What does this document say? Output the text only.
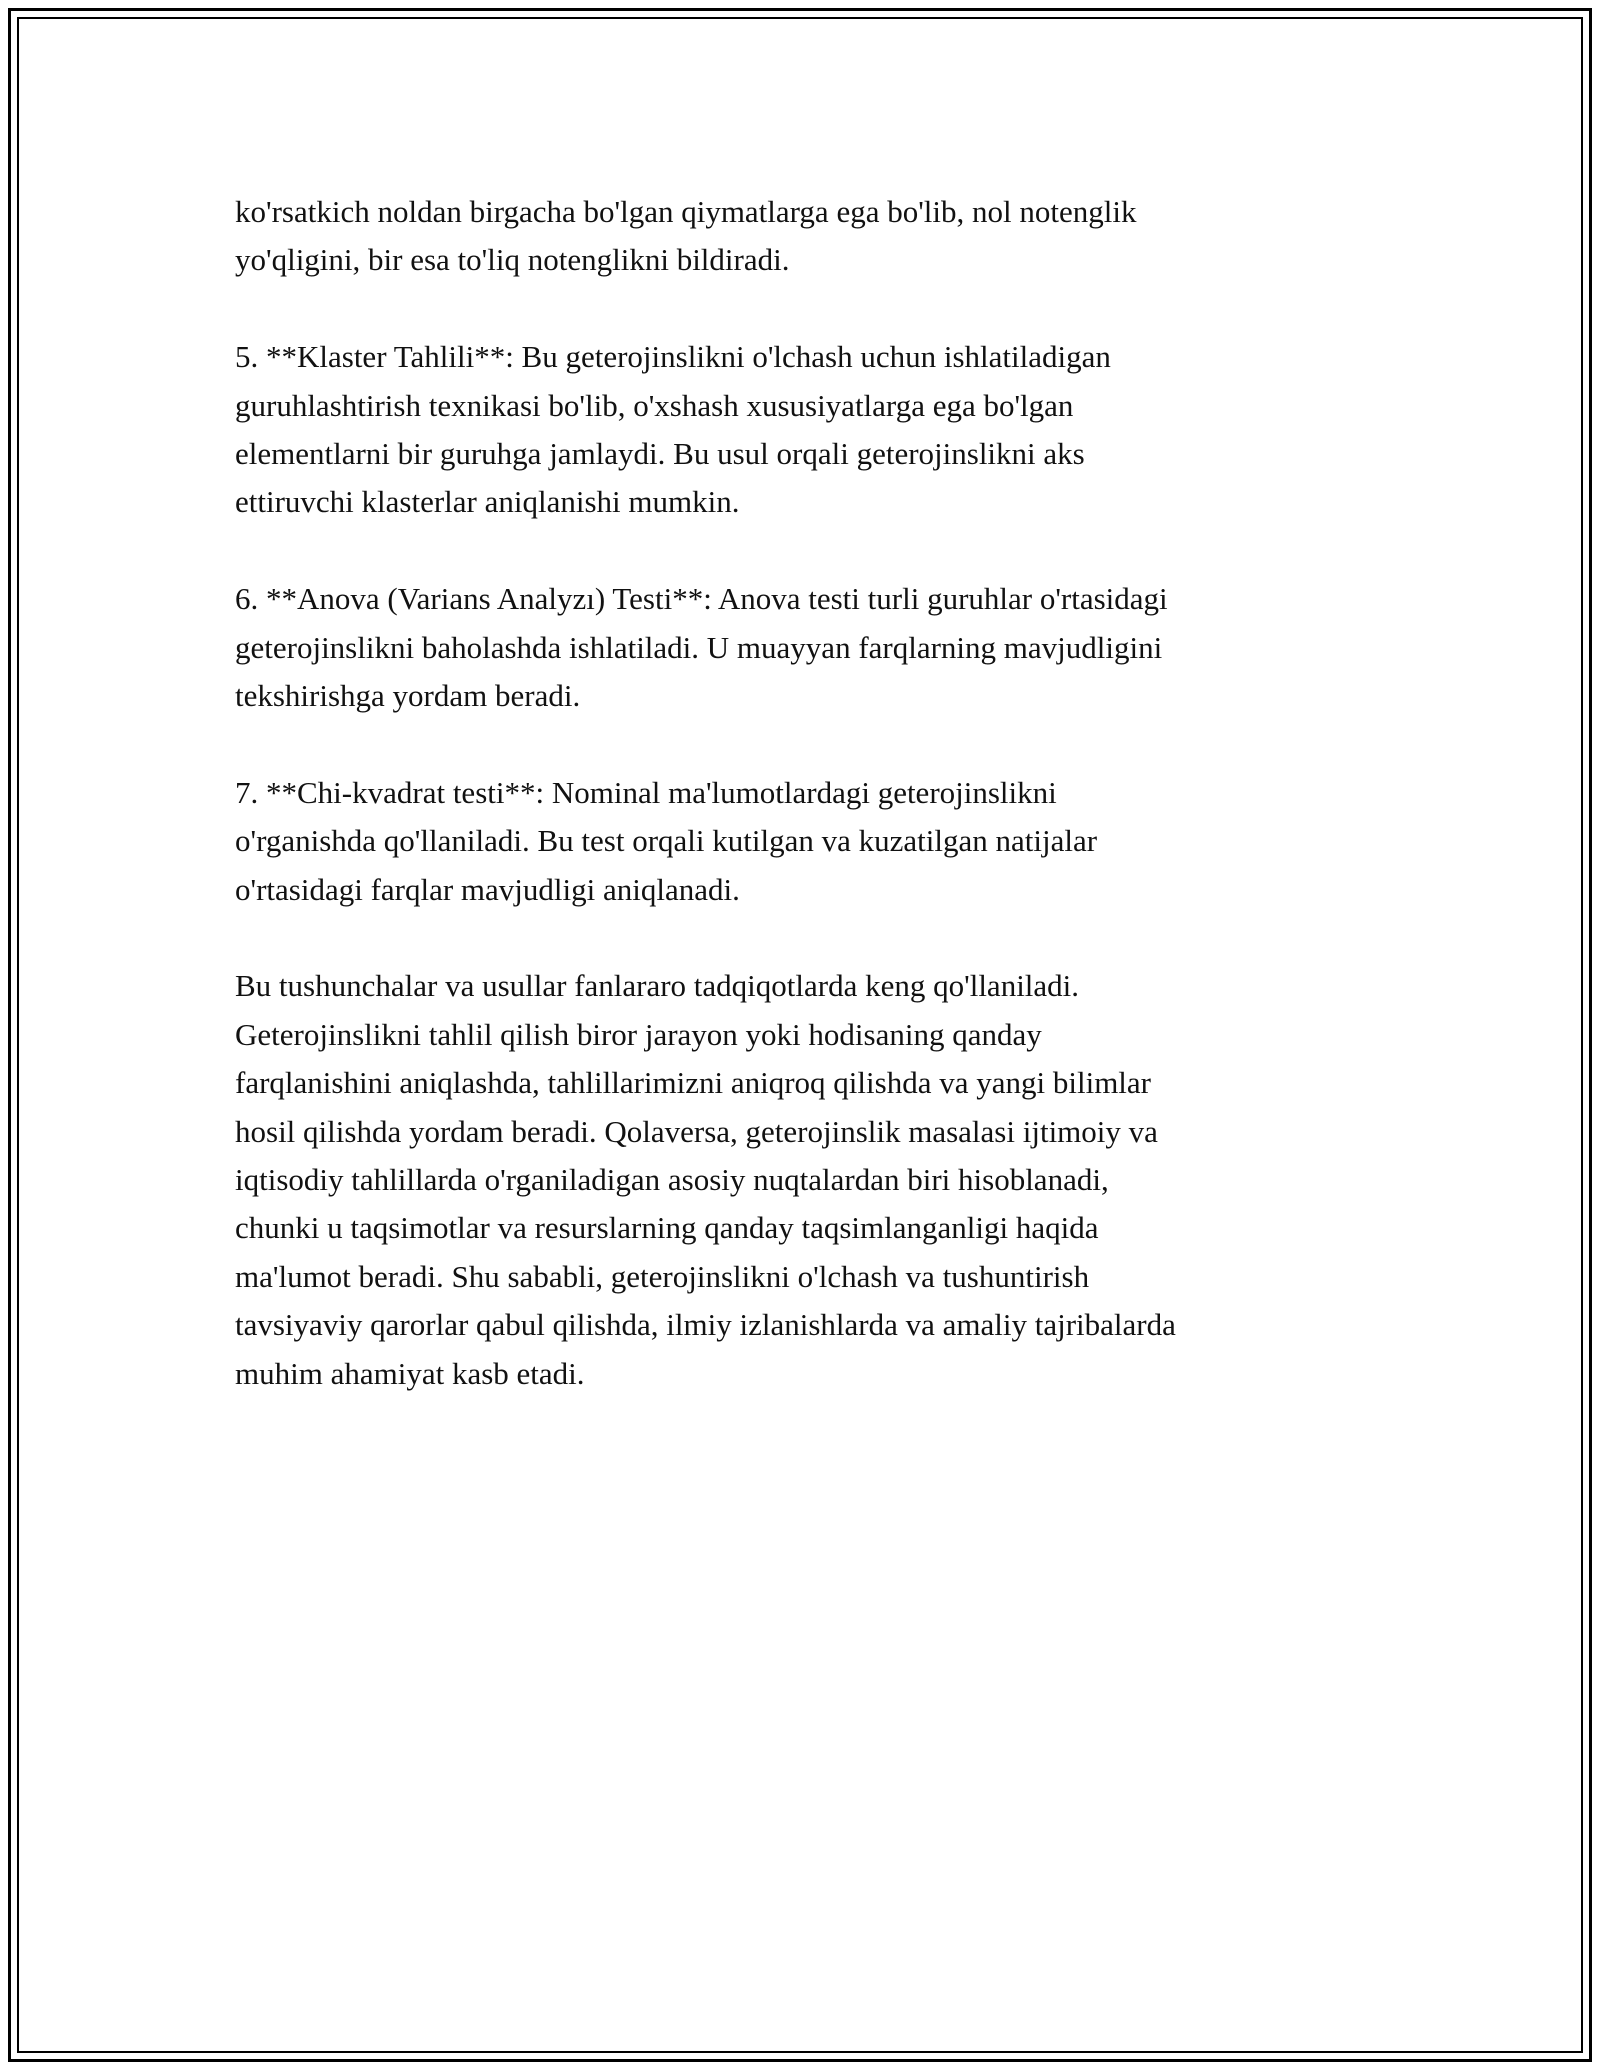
ko'rsatkich noldan birgacha bo'lgan qiymatlarga ega bo'lib, nol notenglik
yo'qligini, bir esa to'liq notenglikni bildiradi.

5. **Klaster Tahlili**: Bu geterojinslikni o'lchash uchun ishlatiladigan
guruhlashtirish texnikasi bo'lib, o'xshash xususiyatlarga ega bo'lgan
elementlarni bir guruhga jamlaydi. Bu usul orqali geterojinslikni aks
ettiruvchi klasterlar aniqlanishi mumkin.

6. **Anova (Varians Analyzı) Testi**: Anova testi turli guruhlar o'rtasidagi
geterojinslikni baholashda ishlatiladi. U muayyan farqlarning mavjudligini
tekshirishga yordam beradi.

7. **Chi-kvadrat testi**: Nominal ma'lumotlardagi geterojinslikni
o'rganishda qo'llaniladi. Bu test orqali kutilgan va kuzatilgan natijalar
o'rtasidagi farqlar mavjudligi aniqlanadi.

Bu tushunchalar va usullar fanlararo tadqiqotlarda keng qo'llaniladi.
Geterojinslikni tahlil qilish biror jarayon yoki hodisaning qanday
farqlanishini aniqlashda, tahlillarimizni aniqroq qilishda va yangi bilimlar
hosil qilishda yordam beradi. Qolaversa, geterojinslik masalasi ijtimoiy va
iqtisodiy tahlillarda o'rganiladigan asosiy nuqtalardan biri hisoblanadi,
chunki u taqsimotlar va resurslarning qanday taqsimlanganligi haqida
ma'lumot beradi. Shu sababli, geterojinslikni o'lchash va tushuntirish
tavsiyaviy qarorlar qabul qilishda, ilmiy izlanishlarda va amaliy tajribalarda
muhim ahamiyat kasb etadi.
